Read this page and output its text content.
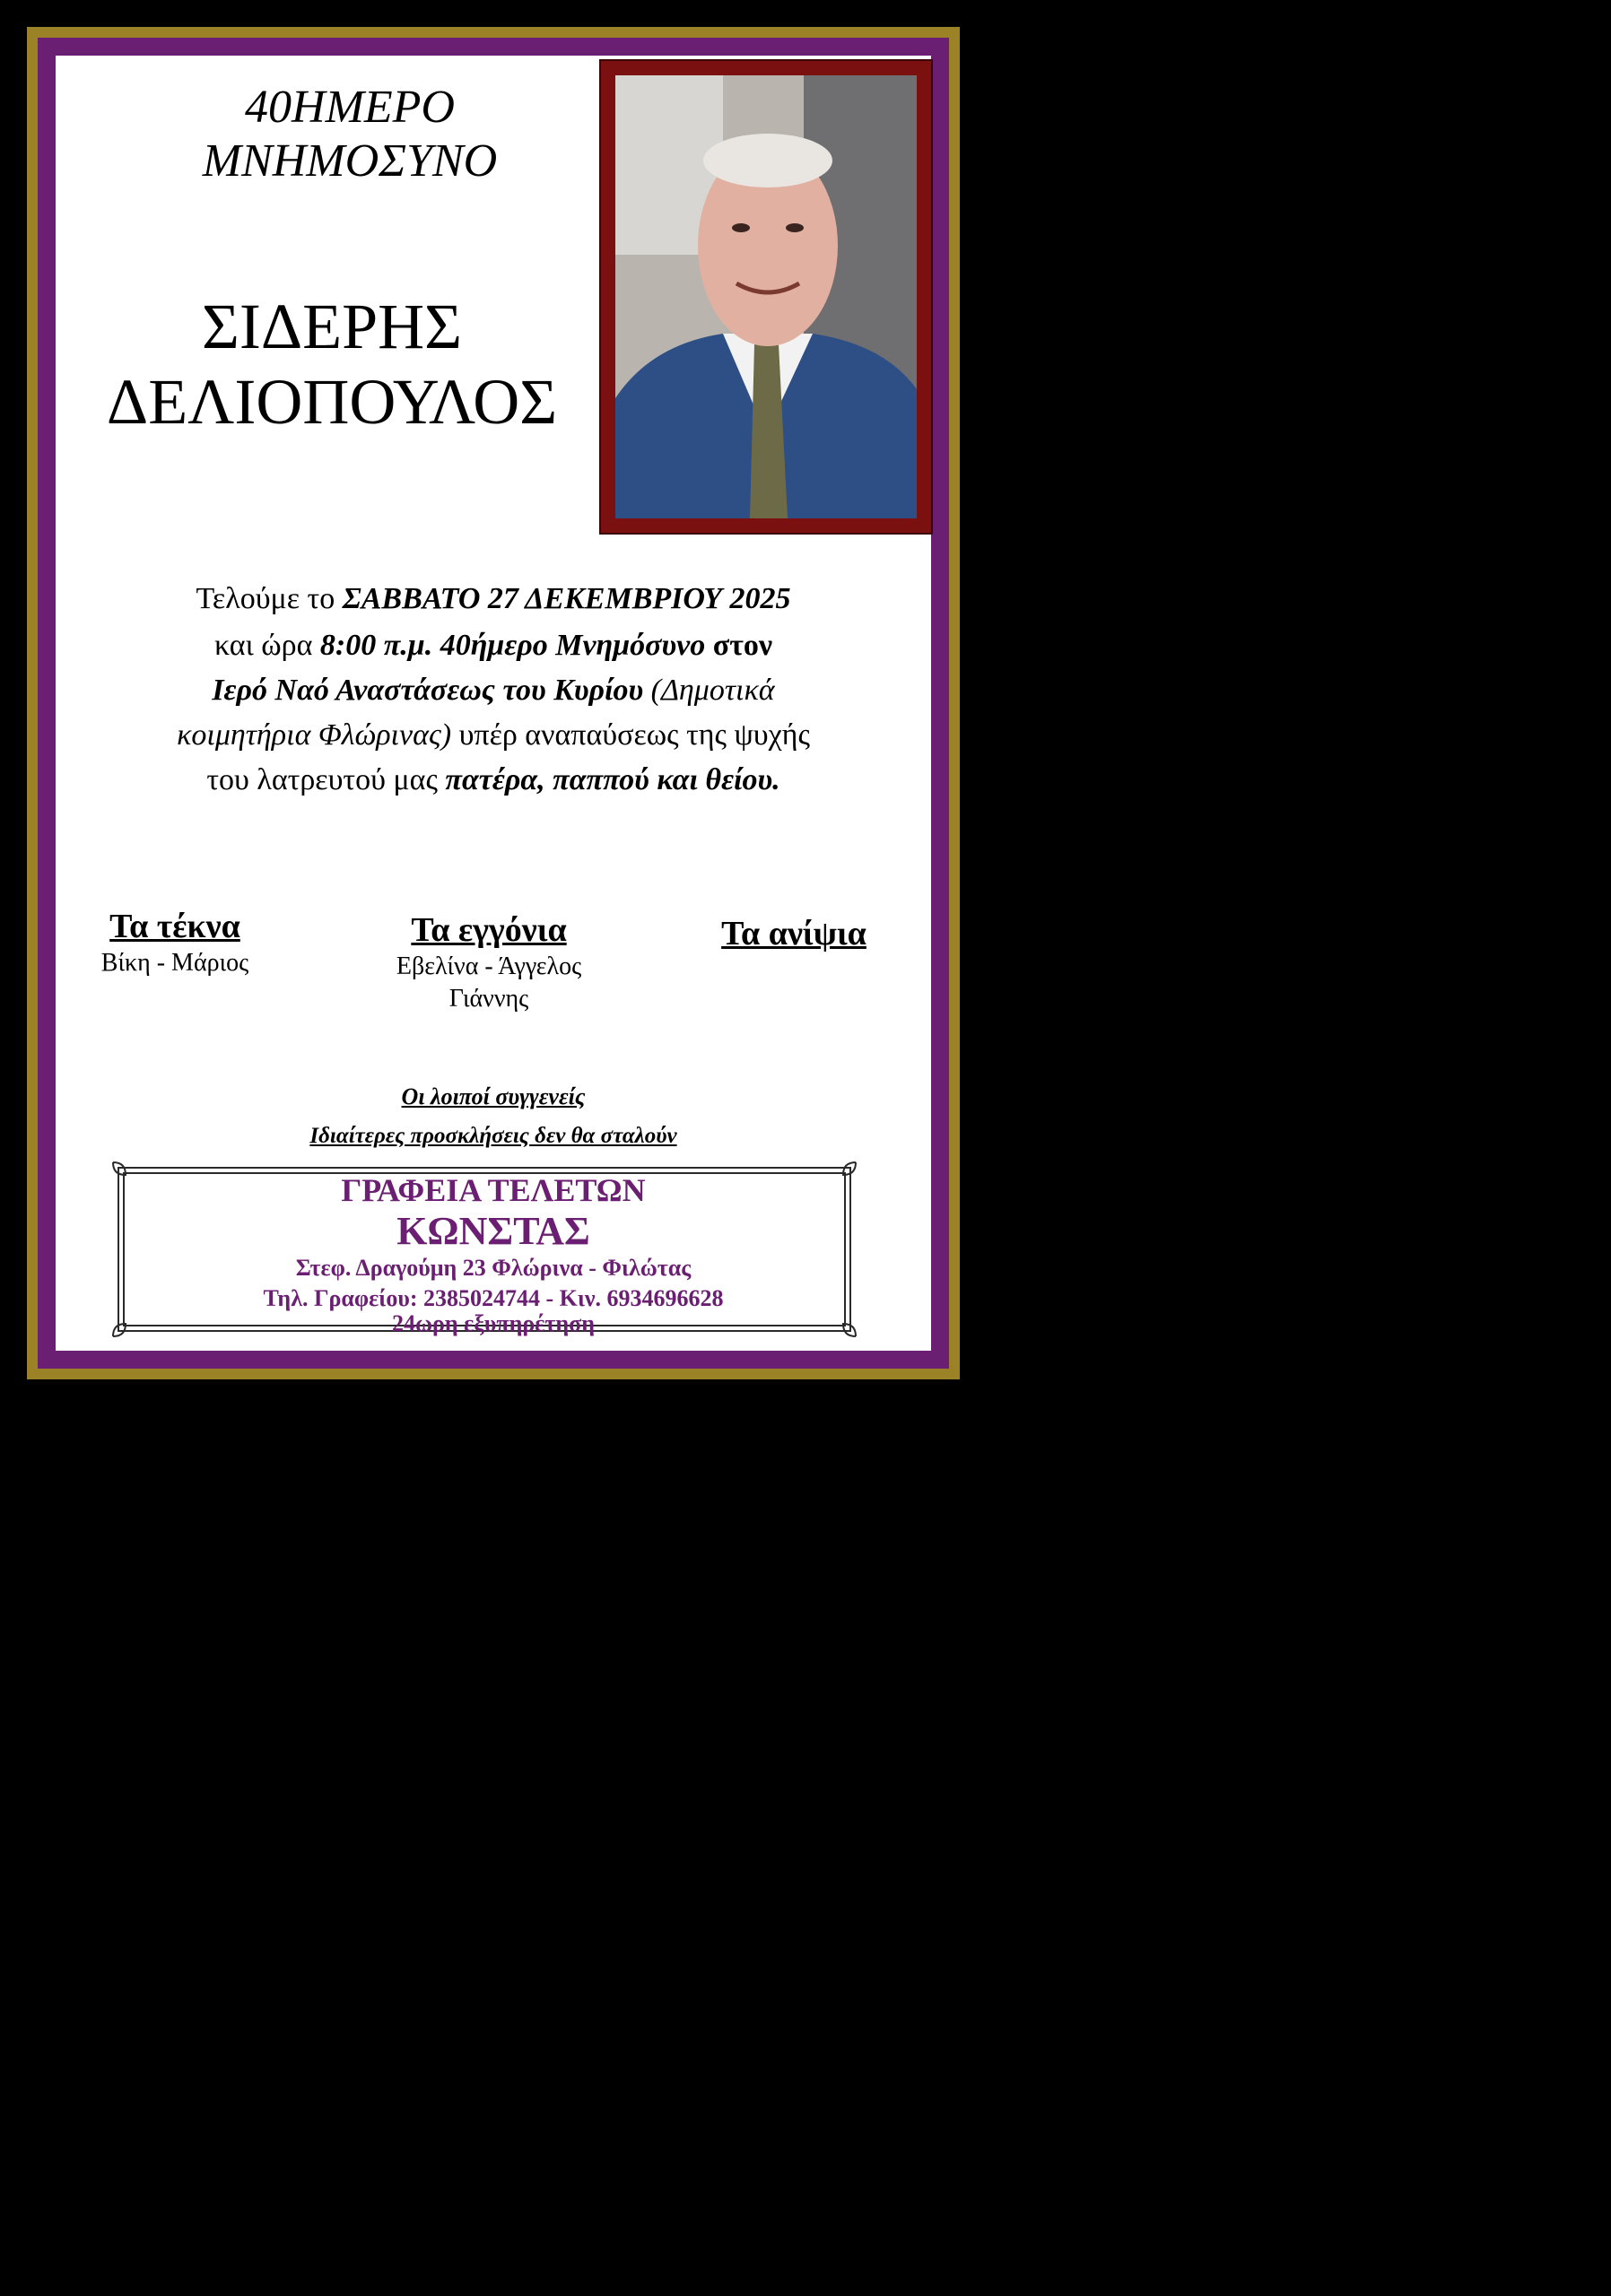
40ΗΜΕΡΟ
ΜΝΗΜΟΣΥΝΟ
ΣΙΔΕΡΗΣ
ΔΕΛΙΟΠΟΥΛΟΣ
Τελούμε το ΣΑΒΒΑΤΟ 27 ΔΕΚΕΜΒΡΙΟΥ 2025
και ώρα 8:00 π.μ. 40ήμερο Μνημόσυνο στον
Ιερό Ναό Αναστάσεως του Κυρίου (Δημοτικά
κοιμητήρια Φλώρινας) υπέρ αναπαύσεως της ψυχής
του λατρευτού μας πατέρα, παππού και θείου.
Τα τέκνα
Βίκη - Μάριος
Τα εγγόνια
Εβελίνα - Άγγελος
Γιάννης
Τα ανίψια
Οι λοιποί συγγενείς
Ιδιαίτερες προσκλήσεις δεν θα σταλούν
ΓΡΑΦΕΙΑ ΤΕΛΕΤΩΝ
ΚΩΝΣΤΑΣ
Στεφ. Δραγούμη 23 Φλώρινα - Φιλώτας
Τηλ. Γραφείου: 2385024744 - Κιν. 6934696628
24ωρη εξυπηρέτηση
